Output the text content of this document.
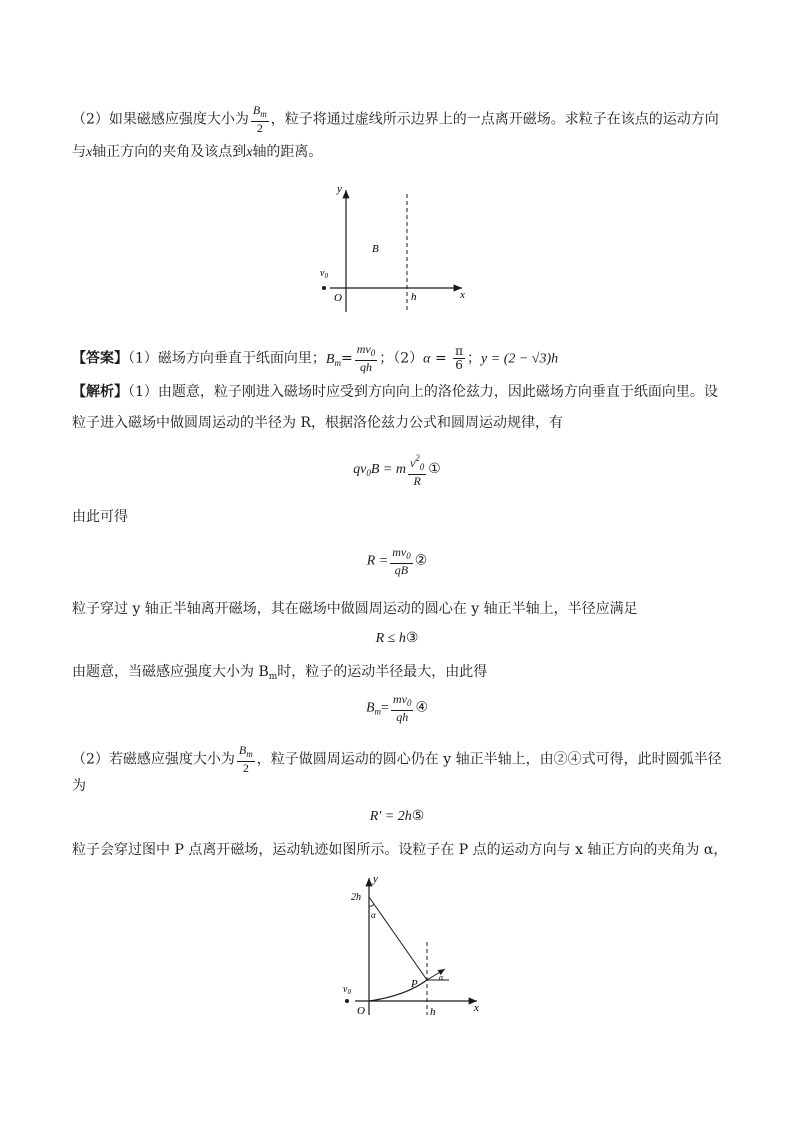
（2）如果磁感应强度大小为 $\frac{B_m}{2}$ ，粒子将通过虚线所示边界上的一点离开磁场。求粒子在该点的运动方向
与x轴正方向的夹角及该点到x轴的距离。
y
x
B
$v_0$
O	h
【答案】（1）磁场方向垂直于纸面向里；$B_m= \frac{mv_0}{qh}$ ；$(2)\alpha = \frac{\pi}{6}$ ；y = (2 − √3)h
【解析】（1）由题意，粒子刚进入磁场时应受到方向向上的洛伦兹力，因此磁场方向垂直于纸面向里。设
粒子进入磁场中做圆周运动的半径为 R，根据洛伦兹力公式和圆周运动规律，有
$qv_0B = m \frac{v^2_0}{R}$ ①
由此可得
$R = \frac{mv_0}{qB}$ ②
粒子穿过 y 轴正半轴离开磁场，其在磁场中做圆周运动的圆心在 y 轴正半轴上，半径应满足
R ≤ h③
由题意，当磁感应强度大小为 $B_m$时，粒子的运动半径最大，由此得
$B_m= \frac{mv_0}{qh}$ ④
（2）若磁感应强度大小为 $\frac{B_m}{2}$ ，粒子做圆周运动的圆心仍在 y 轴正半轴上，由②④式可得，此时圆弧半径
为
R′ = 2h⑤
粒子会穿过图中 P 点离开磁场，运动轨迹如图所示。设粒子在 P 点的运动方向与 x 轴正方向的夹角为 α，
y
x
2h
α
P
α
$v_0$
O	h
